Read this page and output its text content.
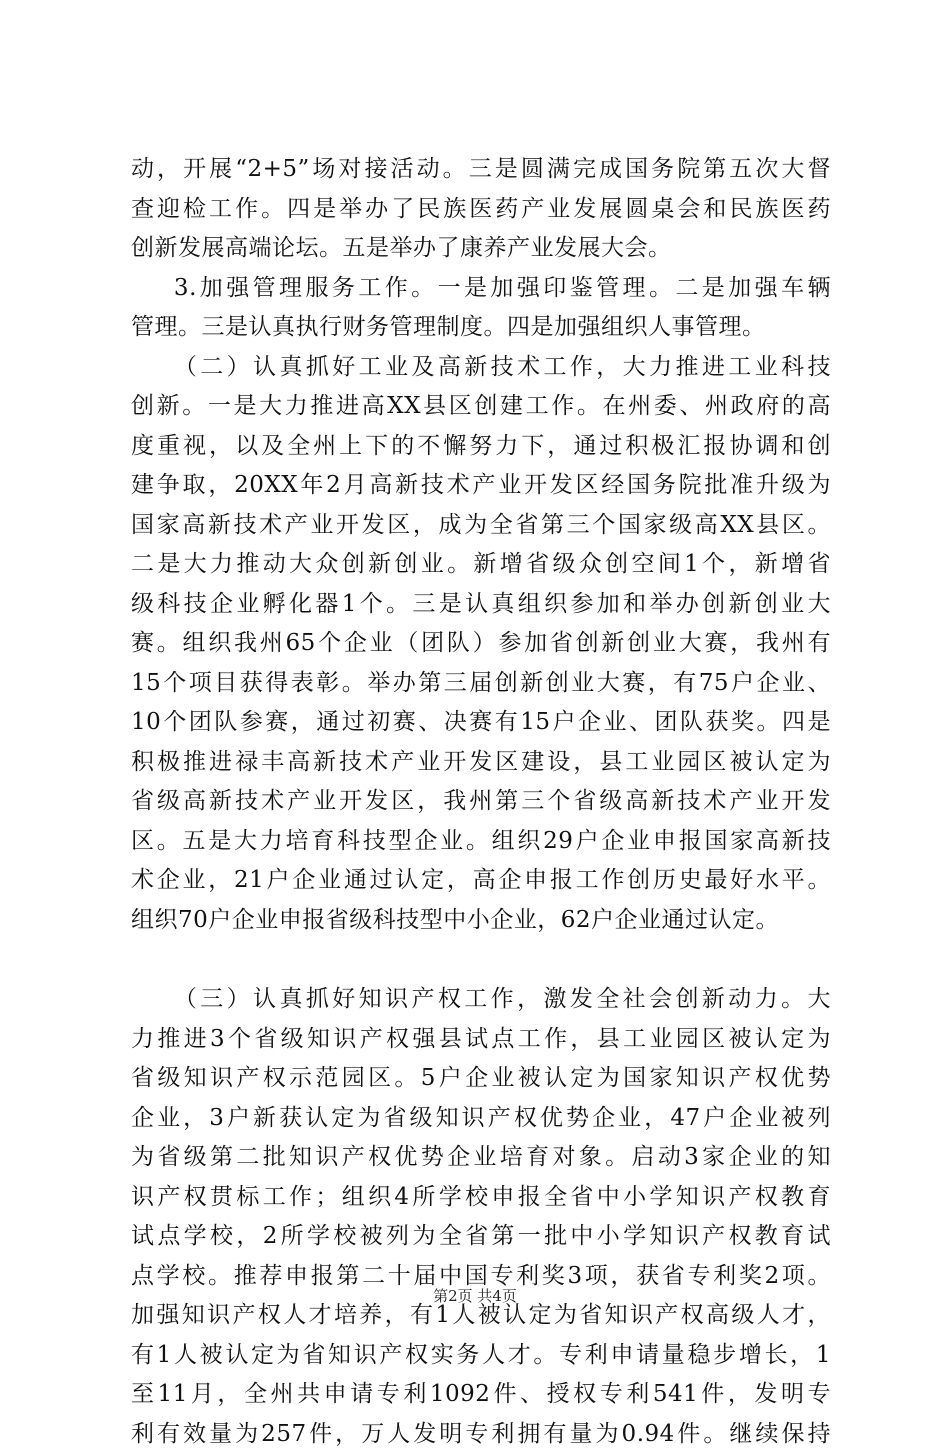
动，开展“2+5”场对接活动。三是圆满完成国务院第五次大督
查迎检工作。四是举办了民族医药产业发展圆桌会和民族医药
创新发展高端论坛。五是举办了康养产业发展大会。
3.加强管理服务工作。一是加强印鉴管理。二是加强车辆
管理。三是认真执行财务管理制度。四是加强组织人事管理。
（二）认真抓好工业及高新技术工作，大力推进工业科技
创新。一是大力推进高XX县区创建工作。在州委、州政府的高
度重视，以及全州上下的不懈努力下，通过积极汇报协调和创
建争取，20XX年2月高新技术产业开发区经国务院批准升级为
国家高新技术产业开发区，成为全省第三个国家级高XX县区。
二是大力推动大众创新创业。新增省级众创空间1个，新增省
级科技企业孵化器1个。三是认真组织参加和举办创新创业大
赛。组织我州65个企业（团队）参加省创新创业大赛，我州有
15个项目获得表彰。举办第三届创新创业大赛，有75户企业、
10个团队参赛，通过初赛、决赛有15户企业、团队获奖。四是
积极推进禄丰高新技术产业开发区建设，县工业园区被认定为
省级高新技术产业开发区，我州第三个省级高新技术产业开发
区。五是大力培育科技型企业。组织29户企业申报国家高新技
术企业，21户企业通过认定，高企申报工作创历史最好水平。
组织70户企业申报省级科技型中小企业，62户企业通过认定。
（三）认真抓好知识产权工作，激发全社会创新动力。大
力推进3个省级知识产权强县试点工作，县工业园区被认定为
省级知识产权示范园区。5户企业被认定为国家知识产权优势
企业，3户新获认定为省级知识产权优势企业，47户企业被列
为省级第二批知识产权优势企业培育对象。启动3家企业的知
识产权贯标工作；组织4所学校申报全省中小学知识产权教育
试点学校，2所学校被列为全省第一批中小学知识产权教育试
点学校。推荐申报第二十届中国专利奖3项，获省专利奖2项。
加强知识产权人才培养，有1人被认定为省知识产权高级人才，
有1人被认定为省知识产权实务人才。专利申请量稳步增长，1
至11月，全州共申请专利1092件、授权专利541件，发明专
利有效量为257件，万人发明专利拥有量为0.94件。继续保持
第2页 共4页
